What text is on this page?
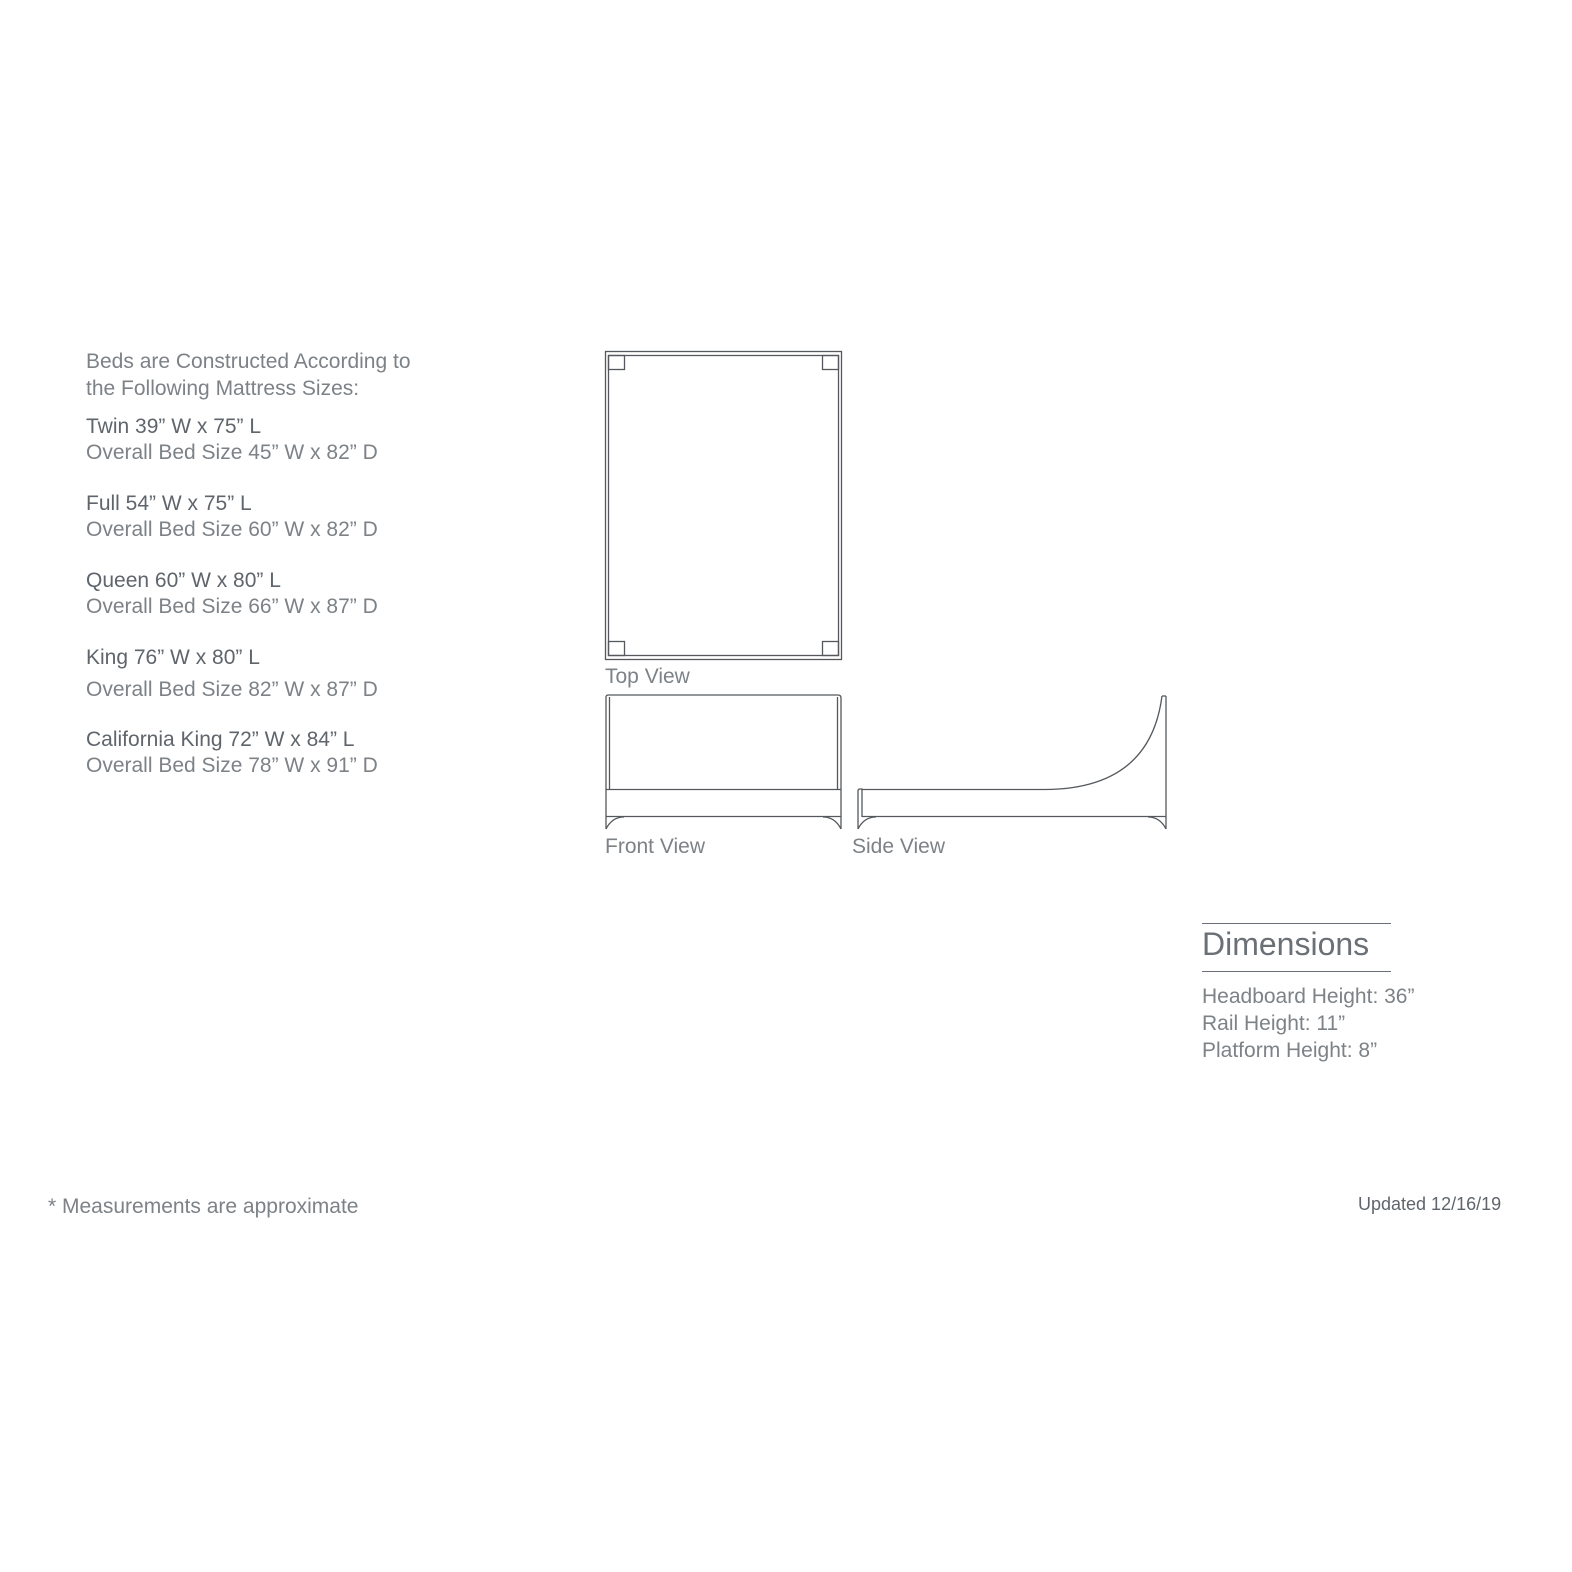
Beds are Constructed According to
the Following Mattress Sizes:
Twin 39” W x 75” L
Overall Bed Size 45” W x 82” D
Full 54” W x 75” L
Overall Bed Size 60” W x 82” D
Queen 60” W x 80” L
Overall Bed Size 66” W x 87” D
King 76” W x 80” L
Overall Bed Size 82” W x 87” D
California King 72” W x 84” L
Overall Bed Size 78” W x 91” D
Top View
Front View	Side View
Dimensions
Headboard Height: 36”
Rail Height: 11”
Platform Height: 8”
* Measurements are approximate	Updated 12/16/19
